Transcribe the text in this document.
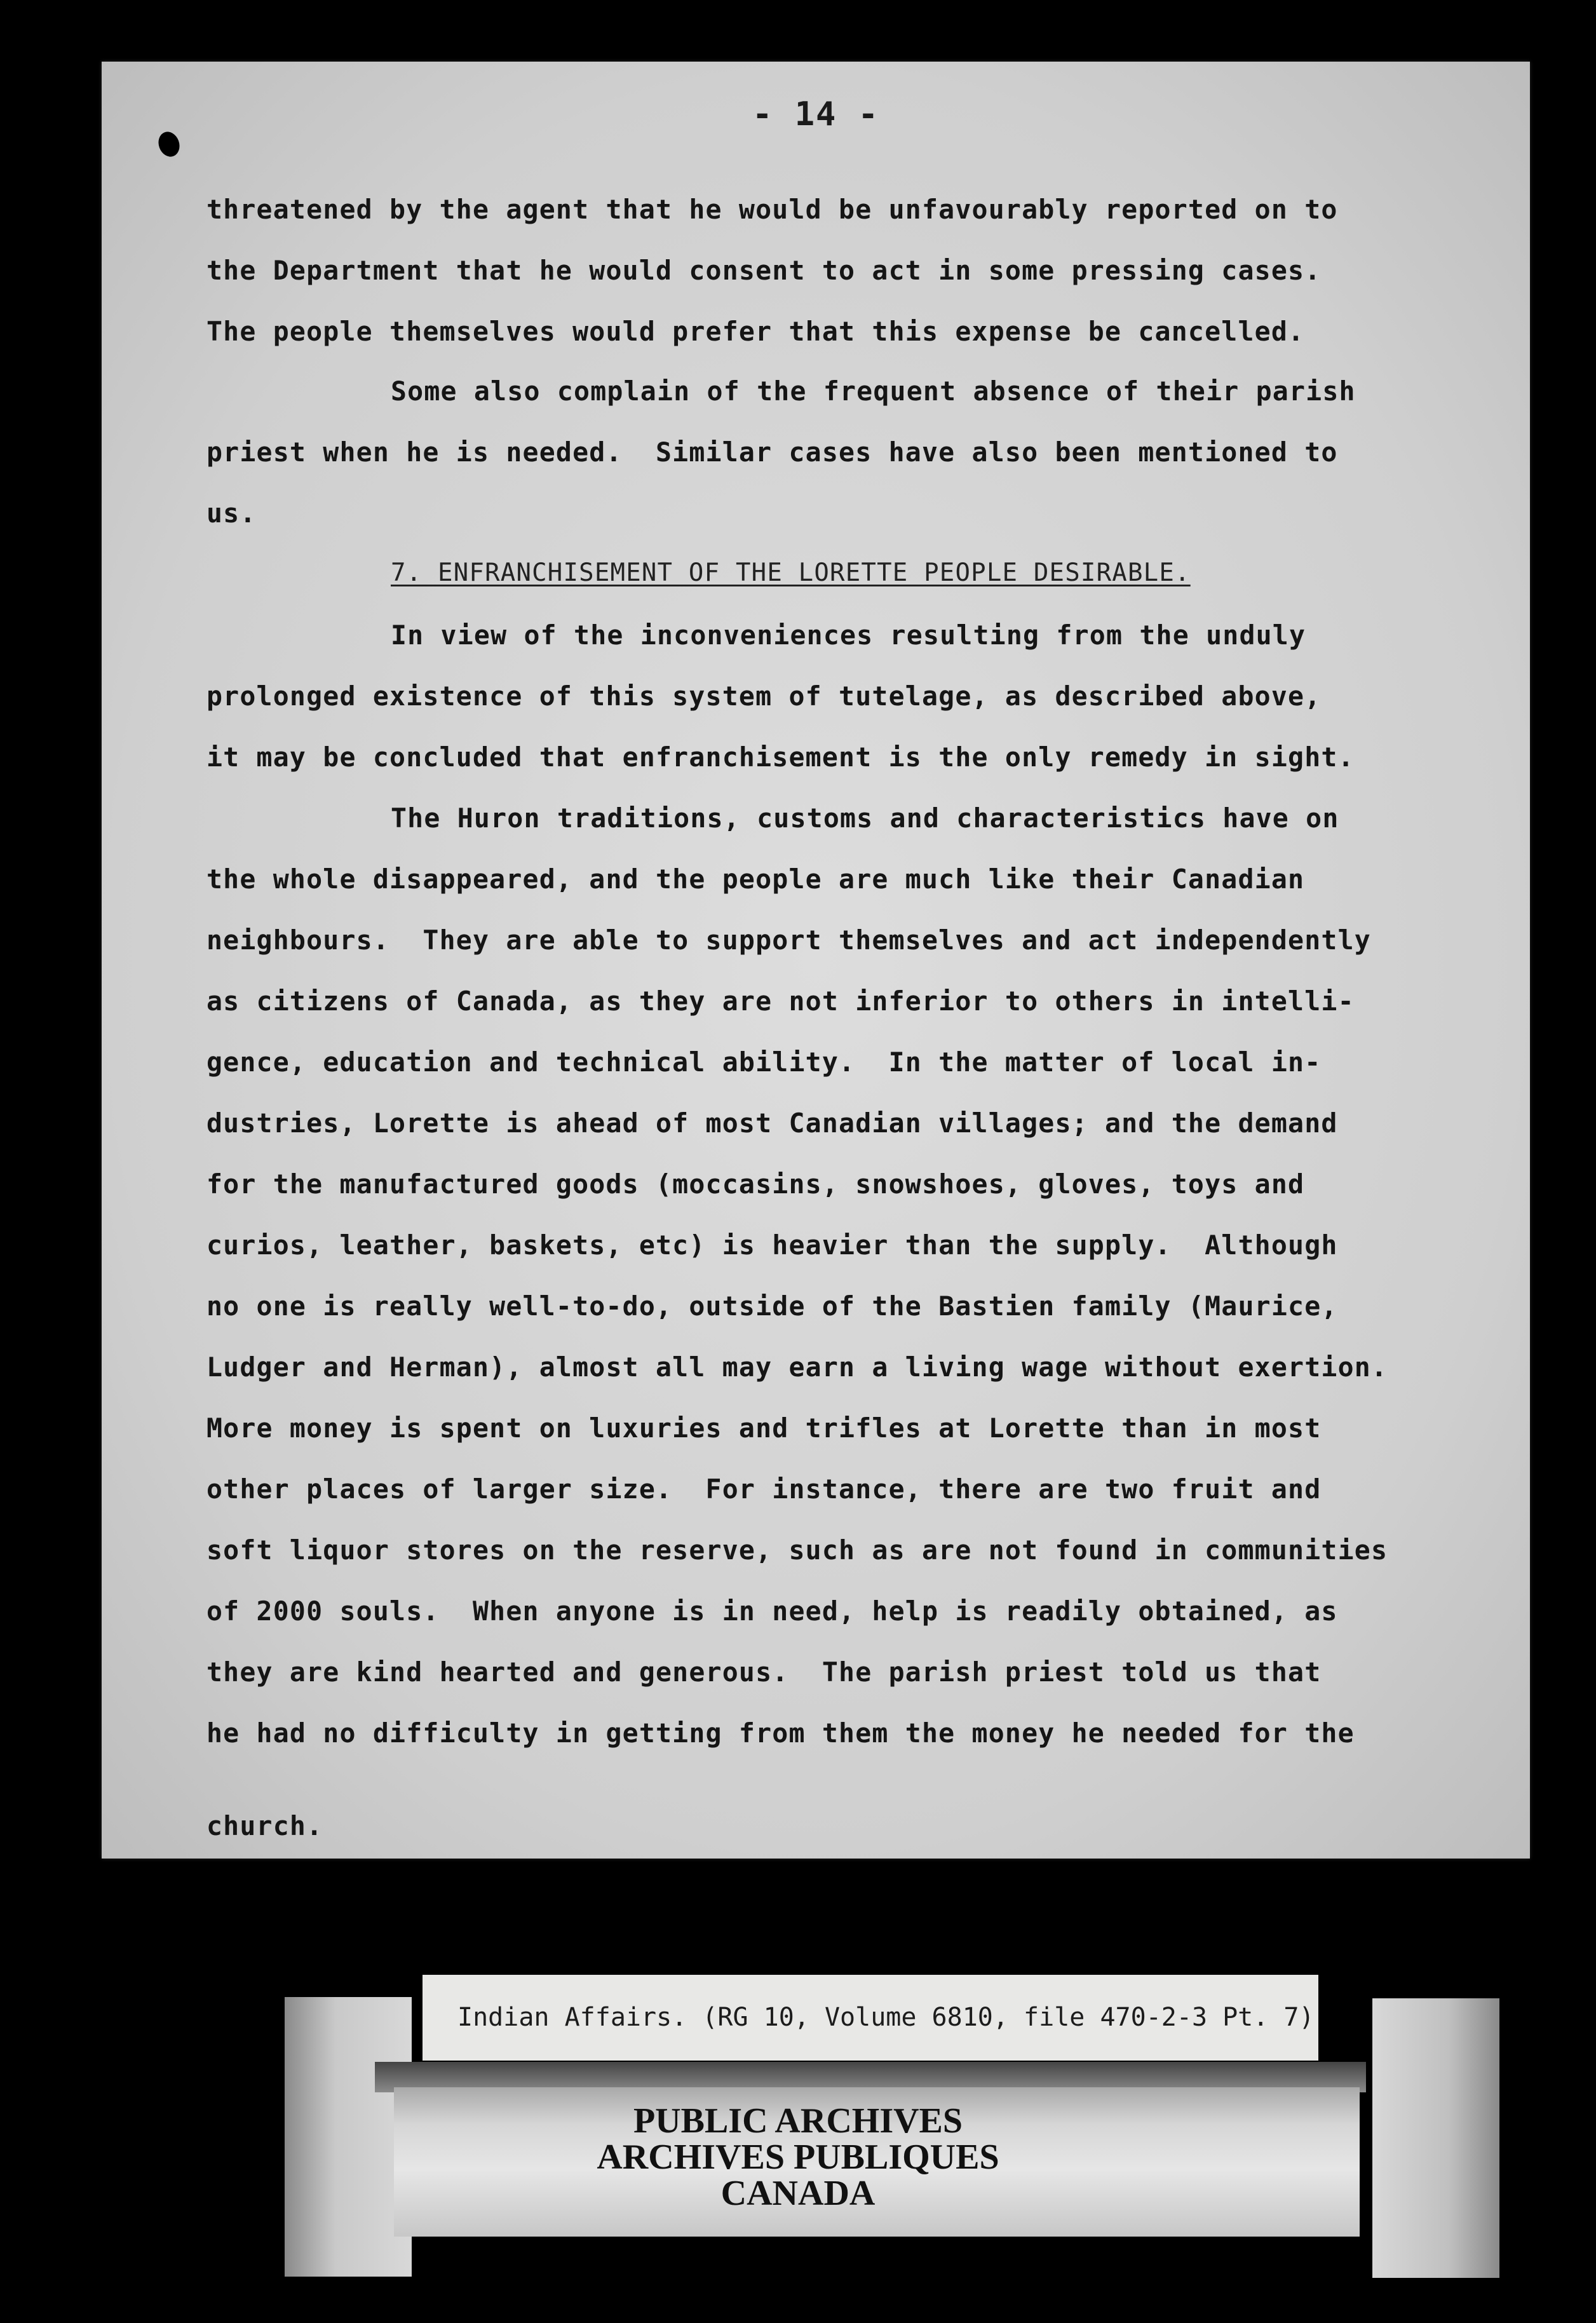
- 14 -
threatened by the agent that he would be unfavourably reported on to
the Department that he would consent to act in some pressing cases.
The people themselves would prefer that this expense be cancelled.
Some also complain of the frequent absence of their parish
priest when he is needed.  Similar cases have also been mentioned to
us.
7. ENFRANCHISEMENT OF THE LORETTE PEOPLE DESIRABLE.
In view of the inconveniences resulting from the unduly
prolonged existence of this system of tutelage, as described above,
it may be concluded that enfranchisement is the only remedy in sight.
The Huron traditions, customs and characteristics have on
the whole disappeared, and the people are much like their Canadian
neighbours.  They are able to support themselves and act independently
as citizens of Canada, as they are not inferior to others in intelli-
gence, education and technical ability.  In the matter of local in-
dustries, Lorette is ahead of most Canadian villages; and the demand
for the manufactured goods (moccasins, snowshoes, gloves, toys and
curios, leather, baskets, etc) is heavier than the supply.  Although
no one is really well-to-do, outside of the Bastien family (Maurice,
Ludger and Herman), almost all may earn a living wage without exertion.
More money is spent on luxuries and trifles at Lorette than in most
other places of larger size.  For instance, there are two fruit and
soft liquor stores on the reserve, such as are not found in communities
of 2000 souls.  When anyone is in need, help is readily obtained, as
they are kind hearted and generous.  The parish priest told us that
he had no difficulty in getting from them the money he needed for the
church.
Indian Affairs. (RG 10, Volume 6810, file 470-2-3 Pt. 7)
PUBLIC ARCHIVES
ARCHIVES PUBLIQUES
CANADA
